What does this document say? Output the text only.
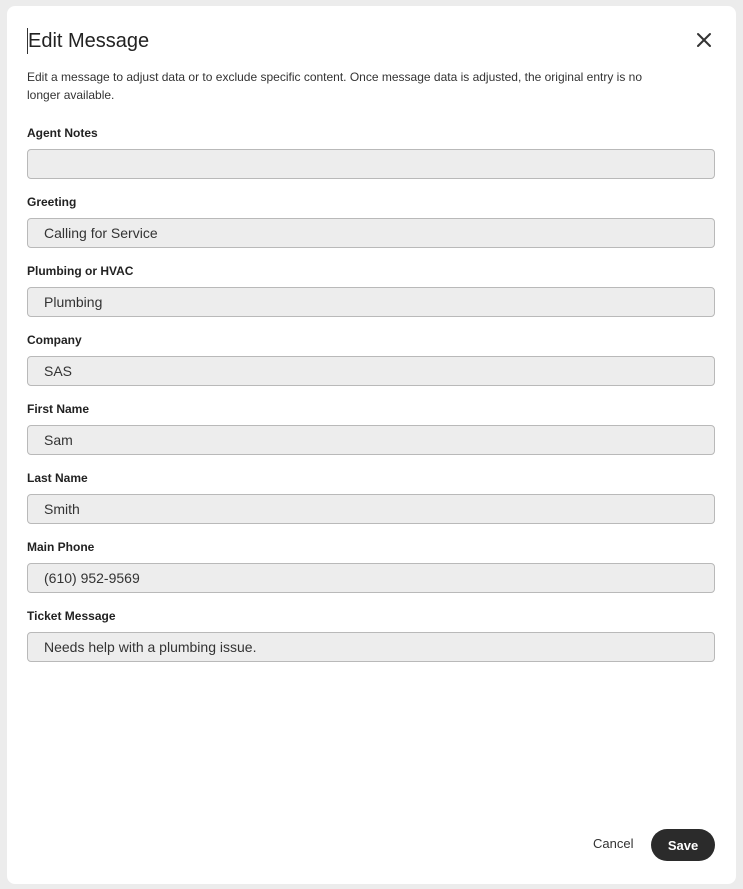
Edit Message
Edit a message to adjust data or to exclude specific content. Once message data is adjusted, the original entry is no longer available.
Agent Notes
Greeting
Calling for Service
Plumbing or HVAC
Plumbing
Company
SAS
First Name
Sam
Last Name
Smith
Main Phone
(610) 952-9569
Ticket Message
Needs help with a plumbing issue.
Cancel	Save
